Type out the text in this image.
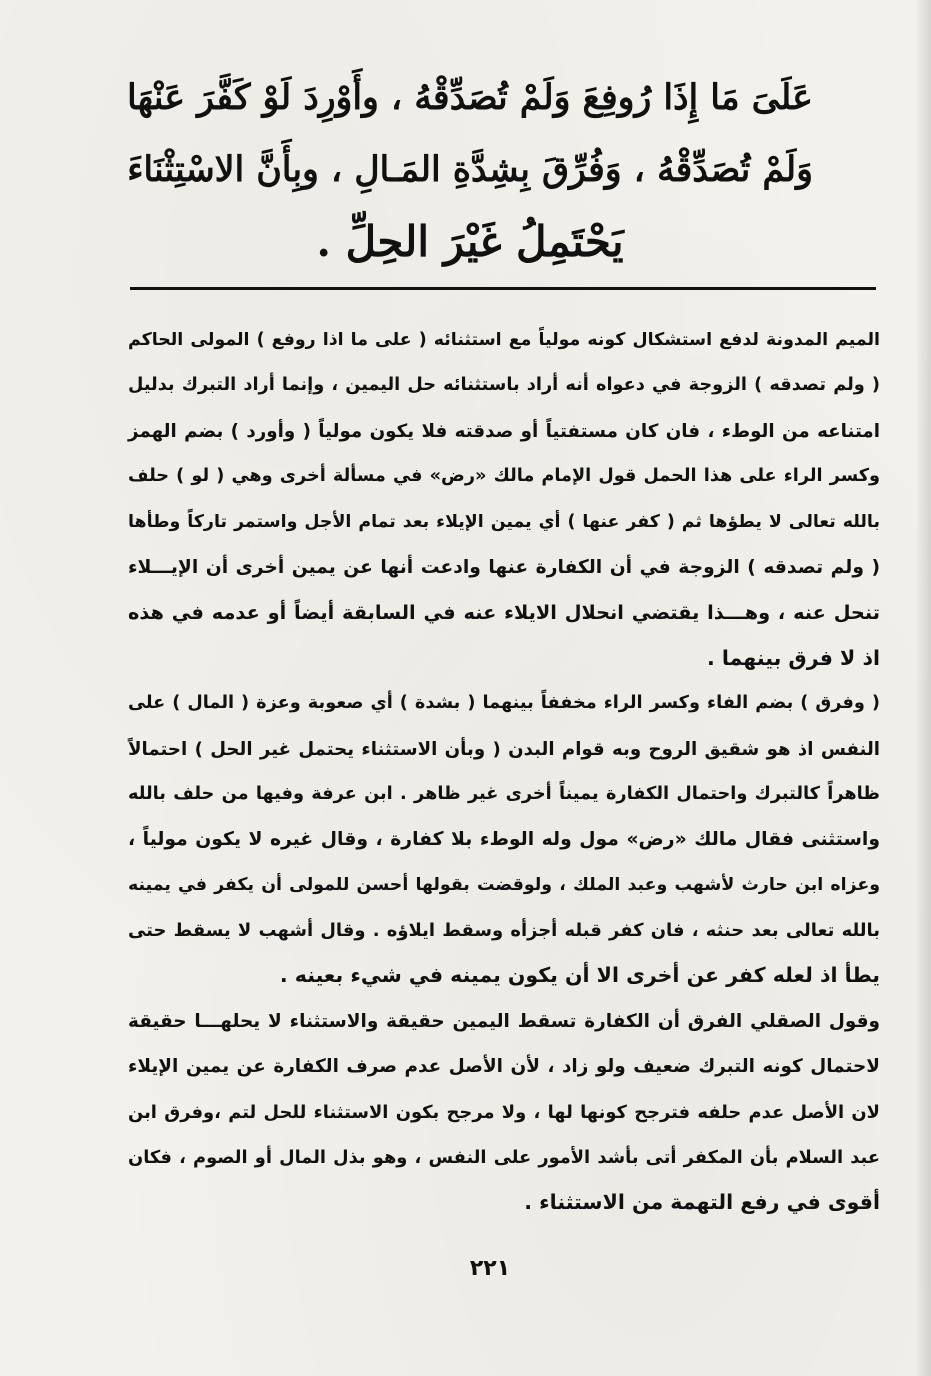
عَلَىَ مَا إِذَا رُوفِعَ وَلَمْ تُصَدِّقْهُ ، وأَوْرِدَ لَوْ كَفَّرَ عَنْهَا
وَلَمْ تُصَدِّقْهُ ، وَفُرِّقَ بِشِدَّةِ المَـالِ ، وبِأَنَّ الاسْتِثْنَاءَ
يَحْتَمِلُ غَيْرَ الحِلِّ .
الميم المدونة لدفع استشكال كونه مولياً مع استثنائه ( على ما اذا روفع ) المولى الحاكم
( ولم تصدقه ) الزوجة في دعواه أنه أراد باستثنائه حل اليمين ، وإنما أراد التبرك بدليل
امتناعه من الوطء ، فان كان مستفتياً أو صدقته فلا يكون مولياً ( وأورد ) بضم الهمز
وكسر الراء على هذا الحمل قول الإمام مالك «رض» في مسألة أخرى وهي ( لو ) حلف
بالله تعالى لا يطؤها ثم ( كفر عنها ) أي يمين الإيلاء بعد تمام الأجل واستمر تاركاً وطأها
( ولم تصدقه ) الزوجة في أن الكفارة عنها وادعت أنها عن يمين أخرى أن الإيـــلاء
تنحل عنه ، وهـــذا يقتضي انحلال الايلاء عنه في السابقة أيضاً أو عدمه في هذه
اذ لا فرق بينهما .
( وفرق ) بضم الفاء وكسر الراء مخففاً بينهما ( بشدة ) أي صعوبة وعزة ( المال ) على
النفس اذ هو شقيق الروح وبه قوام البدن ( وبأن الاستثناء يحتمل غير الحل ) احتمالاً
ظاهراً كالتبرك واحتمال الكفارة يميناً أخرى غير ظاهر . ابن عرفة وفيها من حلف بالله
واستثنى فقال مالك «رض» مول وله الوطء بلا كفارة ، وقال غيره لا يكون مولياً ،
وعزاه ابن حارث لأشهب وعبد الملك ، ولوقضت بقولها أحسن للمولى أن يكفر في يمينه
بالله تعالى بعد حنثه ، فان كفر قبله أجزأه وسقط ايلاؤه . وقال أشهب لا يسقط حتى
يطأ اذ لعله كفر عن أخرى الا أن يكون يمينه في شيء بعينه .
وقول الصقلي الفرق أن الكفارة تسقط اليمين حقيقة والاستثناء لا يحلهـــا حقيقة
لاحتمال كونه التبرك ضعيف ولو زاد ، لأن الأصل عدم صرف الكفارة عن يمين الإيلاء
لان الأصل عدم حلفه فترجح كونها لها ، ولا مرجح بكون الاستثناء للحل لتم ،وفرق ابن
عبد السلام بأن المكفر أتى بأشد الأمور على النفس ، وهو بذل المال أو الصوم ، فكان
أقوى في رفع التهمة من الاستثناء .
٢٢١
